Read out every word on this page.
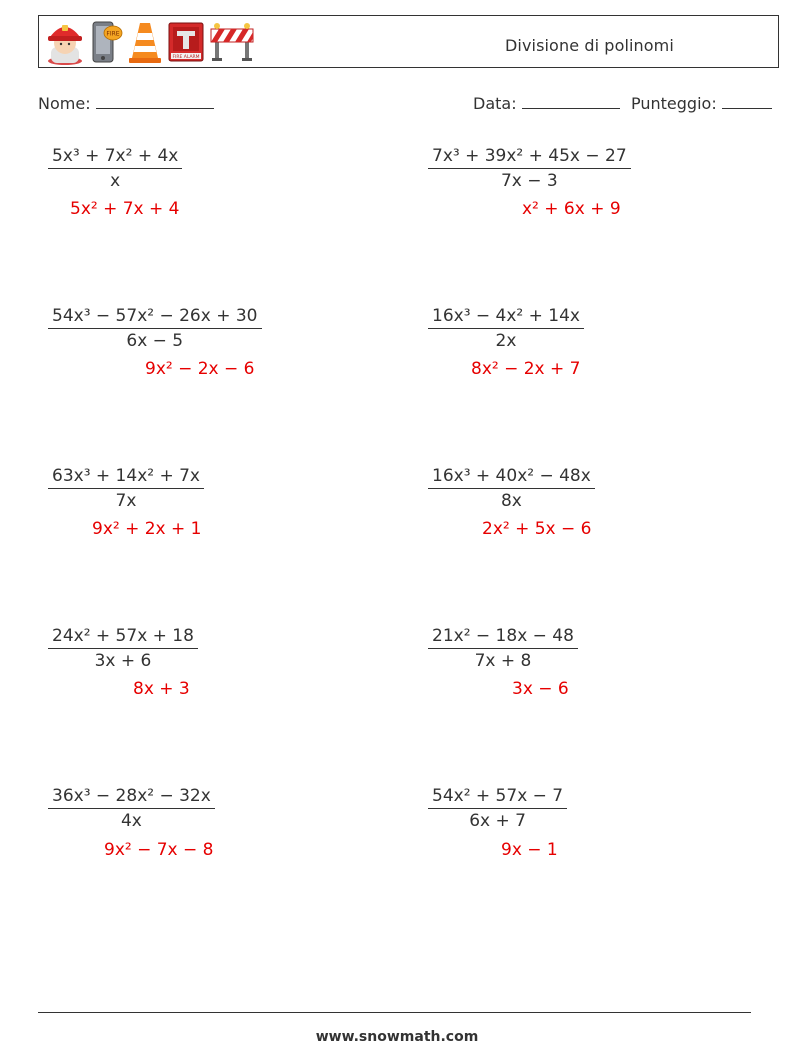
FIRE
FIRE ALARM
Divisione di polinomi
Nome:	Data:	Punteggio:
$\frac{\text{5x³ + 7x² + 4x}}{x}$
5x² + 7x + 4
$\frac{\text{7x³ + 39x² + 45x − 27}}{7x - 3}$
x² + 6x + 9
$\frac{\text{54x³ − 57x² − 26x + 30}}{6x - 5}$
9x² − 2x − 6
$\frac{\text{16x³ − 4x² + 14x}}{2x}$
8x² − 2x + 7
$\frac{\text{63x³ + 14x² + 7x}}{7x}$
9x² + 2x + 1
$\frac{\text{16x³ + 40x² − 48x}}{8x}$
2x² + 5x − 6
$\frac{\text{24x² + 57x + 18}}{3x + 6}$
8x + 3
$\frac{\text{21x² − 18x − 48}}{7x + 8}$
3x − 6
$\frac{\text{36x³ − 28x² − 32x}}{4x}$
9x² − 7x − 8
$\frac{\text{54x² + 57x − 7}}{6x + 7}$
9x − 1
www.snowmath.com
